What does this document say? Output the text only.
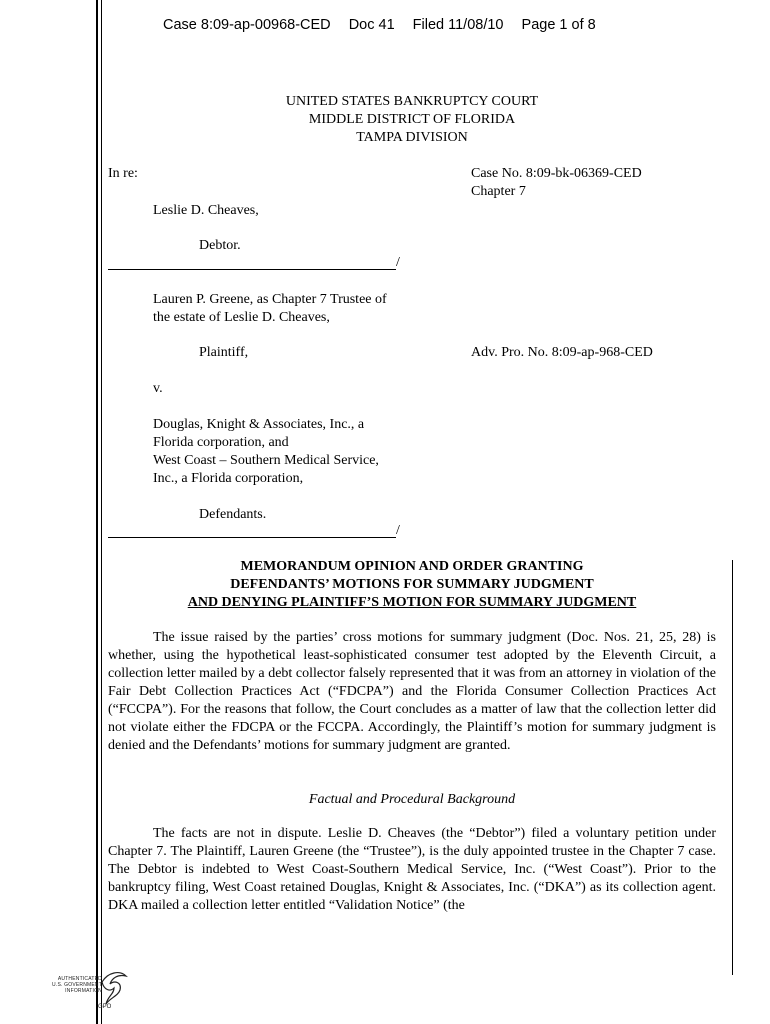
Case 8:09-ap-00968-CED Doc 41 Filed 11/08/10 Page 1 of 8
UNITED STATES BANKRUPTCY COURT
MIDDLE DISTRICT OF FLORIDA
TAMPA DIVISION
In re:	Case No. 8:09-bk-06369-CED
Chapter 7
Leslie D. Cheaves,
Debtor.
/
Lauren P. Greene, as Chapter 7 Trustee of
the estate of Leslie D. Cheaves,
Plaintiff,	Adv. Pro. No. 8:09-ap-968-CED
v.
Douglas, Knight & Associates, Inc., a
Florida corporation, and
West Coast – Southern Medical Service,
Inc., a Florida corporation,
Defendants.
/
MEMORANDUM OPINION AND ORDER GRANTING
DEFENDANTS’ MOTIONS FOR SUMMARY JUDGMENT
AND DENYING PLAINTIFF’S MOTION FOR SUMMARY JUDGMENT
The issue raised by the parties’ cross motions for summary judgment (Doc. Nos. 21, 25, 28) is whether, using the hypothetical least-sophisticated consumer test adopted by the Eleventh Circuit, a collection letter mailed by a debt collector falsely represented that it was from an attorney in violation of the Fair Debt Collection Practices Act (“FDCPA”) and the Florida Consumer Collection Practices Act (“FCCPA”). For the reasons that follow, the Court concludes as a matter of law that the collection letter did not violate either the FDCPA or the FCCPA. Accordingly, the Plaintiff’s motion for summary judgment is denied and the Defendants’ motions for summary judgment are granted.
Factual and Procedural Background
The facts are not in dispute. Leslie D. Cheaves (the “Debtor”) filed a voluntary petition under Chapter 7. The Plaintiff, Lauren Greene (the “Trustee”), is the duly appointed trustee in the Chapter 7 case. The Debtor is indebted to West Coast-Southern Medical Service, Inc. (“West Coast”). Prior to the bankruptcy filing, West Coast retained Douglas, Knight & Associates, Inc. (“DKA”) as its collection agent. DKA mailed a collection letter entitled “Validation Notice” (the
AUTHENTICATED
U.S. GOVERNMENT
INFORMATION
GPO
